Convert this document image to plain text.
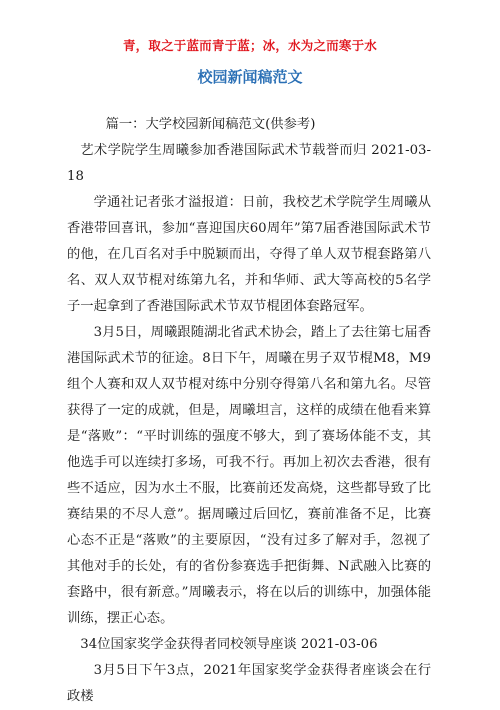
青，取之于蓝而青于蓝；冰，水为之而寒于水
校园新闻稿范文

篇一：大学校园新闻稿范文(供参考)

艺术学院学生周曦参加香港国际武术节载誉而归 2021-03-18

学通社记者张才溢报道：日前，我校艺术学院学生周曦从香港带回喜讯，参加“喜迎国庆60周年”第7届香港国际武术节的他，在几百名对手中脱颖而出，夺得了单人双节棍套路第八名、双人双节棍对练第九名，并和华师、武大等高校的5名学子一起拿到了香港国际武术节双节棍团体套路冠军。

3月5日，周曦跟随湖北省武术协会，踏上了去往第七届香港国际武术节的征途。8日下午，周曦在男子双节棍M8，M9组个人赛和双人双节棍对练中分别夺得第八名和第九名。尽管获得了一定的成就，但是，周曦坦言，这样的成绩在他看来算是“落败”：“平时训练的强度不够大，到了赛场体能不支，其他选手可以连续打多场，可我不行。再加上初次去香港，很有些不适应，因为水土不服，比赛前还发高烧，这些都导致了比赛结果的不尽人意”。据周曦过后回忆，赛前准备不足，比赛心态不正是“落败”的主要原因，“没有过多了解对手，忽视了其他对手的长处，有的省份参赛选手把街舞、N武融入比赛的套路中，很有新意。”周曦表示，将在以后的训练中，加强体能训练，摆正心态。

34位国家奖学金获得者同校领导座谈 2021-03-06

3月5日下午3点，2021年国家奖学金获得者座谈会在行政楼
